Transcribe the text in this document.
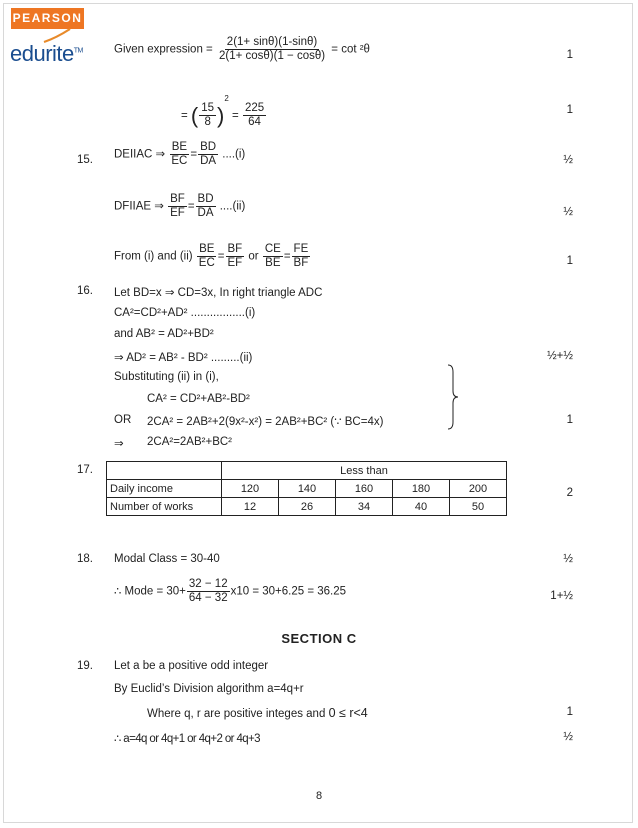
PEARSON
edurite™	Given expression = $\frac{2(1+ \sin\theta)(1-\sin\theta)}{2(1+ \cos\theta)(1 - \cos\theta)} = \cot ^2\theta$	1
= ( $\frac{15}{8} )^2 = \frac{225}{64}$	1
15. DEIIAC ⇒ $\frac{BE}{EC} = \frac{BD}{DA} ....(i)$	½
DFIIAE ⇒ $\frac{BF}{EF} = \frac{BD}{DA} ....(ii)$	½
From (i) and $(ii) \frac{BE}{EC} = \frac{BF}{EF}$ or $\frac{CE}{BE} = \frac{FE}{BF}$	1
16. Let BD=x ⇒ CD=3x, In right triangle ADC
CA²=CD²+AD² .................(i)
and AB² = AD²+BD²
⇒ AD² = AB² - BD² .........(ii)	½+½
Substituting (ii) in (i),
CA² = CD²+AB²-BD²
OR 2CA² = 2AB²+2(9x²-x²) = 2AB²+BC² (∵ BC=4x)	1
⇒ 2CA²=2AB²+BC²
17.
		Less than				
Daily income	120	140	160	180	200
Number of works	12	26	34	40	50
2
18. Modal Class = 30-40	½
∴ Mode = $30+ \frac{32 - 12}{64 - 32} x10 = 30+6.25 = 36.25$	1+½
SECTION C
19. Let a be a positive odd integer
By Euclid’s Division algorithm a=4q+r
Where q, r are positive integes and 0 ≤ r<4	1
∴ a=4q or 4q+1 or 4q+2 or 4q+3	½
8
